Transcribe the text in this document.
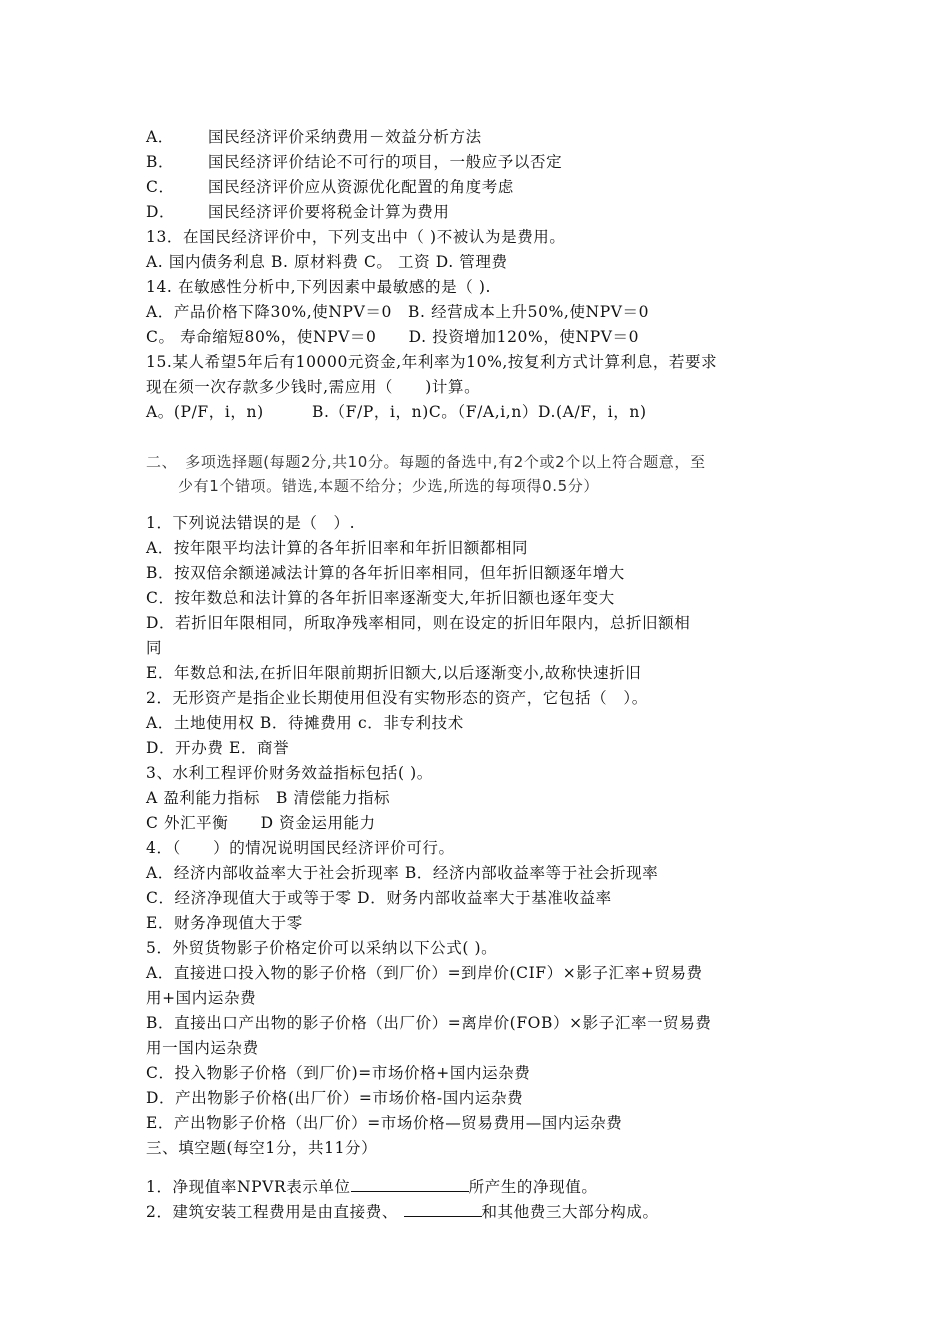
A． 国民经济评价采纳费用－效益分析方法
B． 国民经济评价结论不可行的项目，一般应予以否定
C． 国民经济评价应从资源优化配置的角度考虑
D． 国民经济评价要将税金计算为费用
13．在国民经济评价中，下列支出中（ )不被认为是费用。
A. 国内债务利息 B. 原材料费 C。 工资 D. 管理费
14. 在敏感性分析中,下列因素中最敏感的是（ ).
A．产品价格下降30%,使NPV＝0　B. 经营成本上升50%,使NPV＝0
C。 寿命缩短80%，使NPV＝0　　D. 投资增加120%，使NPV＝0
15.某人希望5年后有10000元资金,年利率为10%,按复利方式计算利息，若要求
现在须一次存款多少钱时,需应用（　　)计算。
A。(P/F，i，n)　　　B.（F/P，i，n)C。（F/A,i,n）D.(A/F，i，n)
二、　多项选择题(每题2分,共10分。每题的备选中,有2个或2个以上符合题意，至
少有1个错项。错选,本题不给分；少选,所选的每项得0.5分）
1．下列说法错误的是（　）.
A．按年限平均法计算的各年折旧率和年折旧额都相同
B．按双倍余额递减法计算的各年折旧率相同，但年折旧额逐年增大
C．按年数总和法计算的各年折旧率逐渐变大,年折旧额也逐年变大
D．若折旧年限相同，所取净残率相同，则在设定的折旧年限内，总折旧额相
同
E．年数总和法,在折旧年限前期折旧额大,以后逐渐变小,故称快速折旧
2．无形资产是指企业长期使用但没有实物形态的资产，它包括（　）。
A．土地使用权 B．待摊费用 c．非专利技术
D．开办费 E．商誉
3、水利工程评价财务效益指标包括( )。
A 盈利能力指标　B 清偿能力指标
C 外汇平衡　　D 资金运用能力
4．（　　）的情况说明国民经济评价可行。
A．经济内部收益率大于社会折现率 B．经济内部收益率等于社会折现率
C．经济净现值大于或等于零 D．财务内部收益率大于基准收益率
E．财务净现值大于零
5．外贸货物影子价格定价可以采纳以下公式( )。
A．直接进口投入物的影子价格（到厂价）=到岸价(CIF）×影子汇率+贸易费
用+国内运杂费
B．直接出口产出物的影子价格（出厂价）=离岸价(FOB）×影子汇率一贸易费
用一国内运杂费
C．投入物影子价格（到厂价)=市场价格+国内运杂费
D．产出物影子价格(出厂价）=市场价格-国内运杂费
E．产出物影子价格（出厂价）=市场价格—贸易费用—国内运杂费
三、填空题(每空1分，共11分）
1．净现值率NPVR表示单位	所产生的净现值。
2．建筑安装工程费用是由直接费、	和其他费三大部分构成。
